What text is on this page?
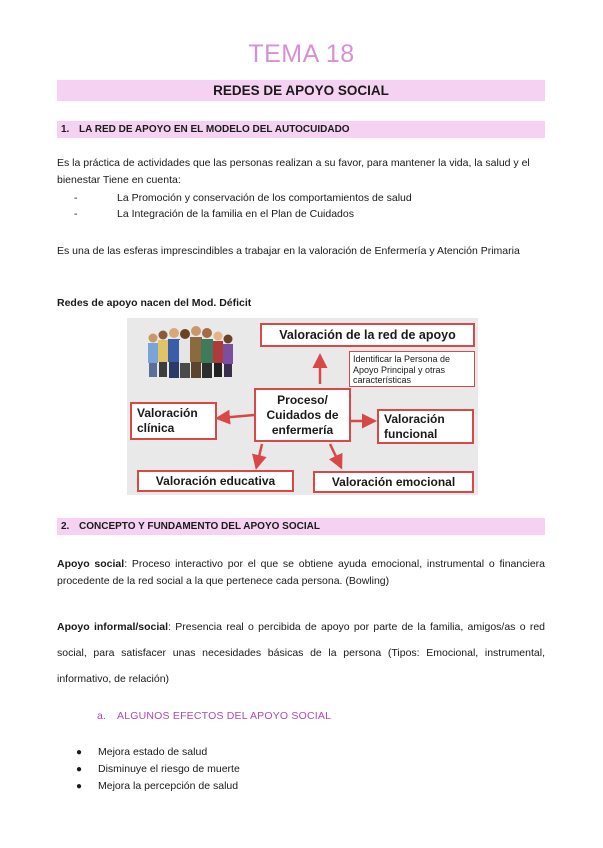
TEMA 18
REDES DE APOYO SOCIAL
1. LA RED DE APOYO EN EL MODELO DEL AUTOCUIDADO
Es la práctica de actividades que las personas realizan a su favor, para mantener la vida, la salud y el bienestar Tiene en cuenta:
-	La Promoción y conservación de los comportamientos de salud
-	La Integración de la familia en el Plan de Cuidados
Es una de las esferas imprescindibles a trabajar en la valoración de Enfermería y Atención Primaria
Redes de apoyo nacen del Mod. Déficit
Valoración de la red de apoyo
Identificar la Persona de Apoyo Principal y otras características
Proceso/ Cuidados de enfermería
Valoración clínica
Valoración funcional
Valoración educativa	Valoración emocional
2. CONCEPTO Y FUNDAMENTO DEL APOYO SOCIAL
Apoyo social: Proceso interactivo por el que se obtiene ayuda emocional, instrumental o financiera procedente de la red social a la que pertenece cada persona. (Bowling)
Apoyo informal/social: Presencia real o percibida de apoyo por parte de la familia, amigos/as o red social, para satisfacer unas necesidades básicas de la persona (Tipos: Emocional, instrumental, informativo, de relación)
a. ALGUNOS EFECTOS DEL APOYO SOCIAL
● Mejora estado de salud
● Disminuye el riesgo de muerte
● Mejora la percepción de salud
